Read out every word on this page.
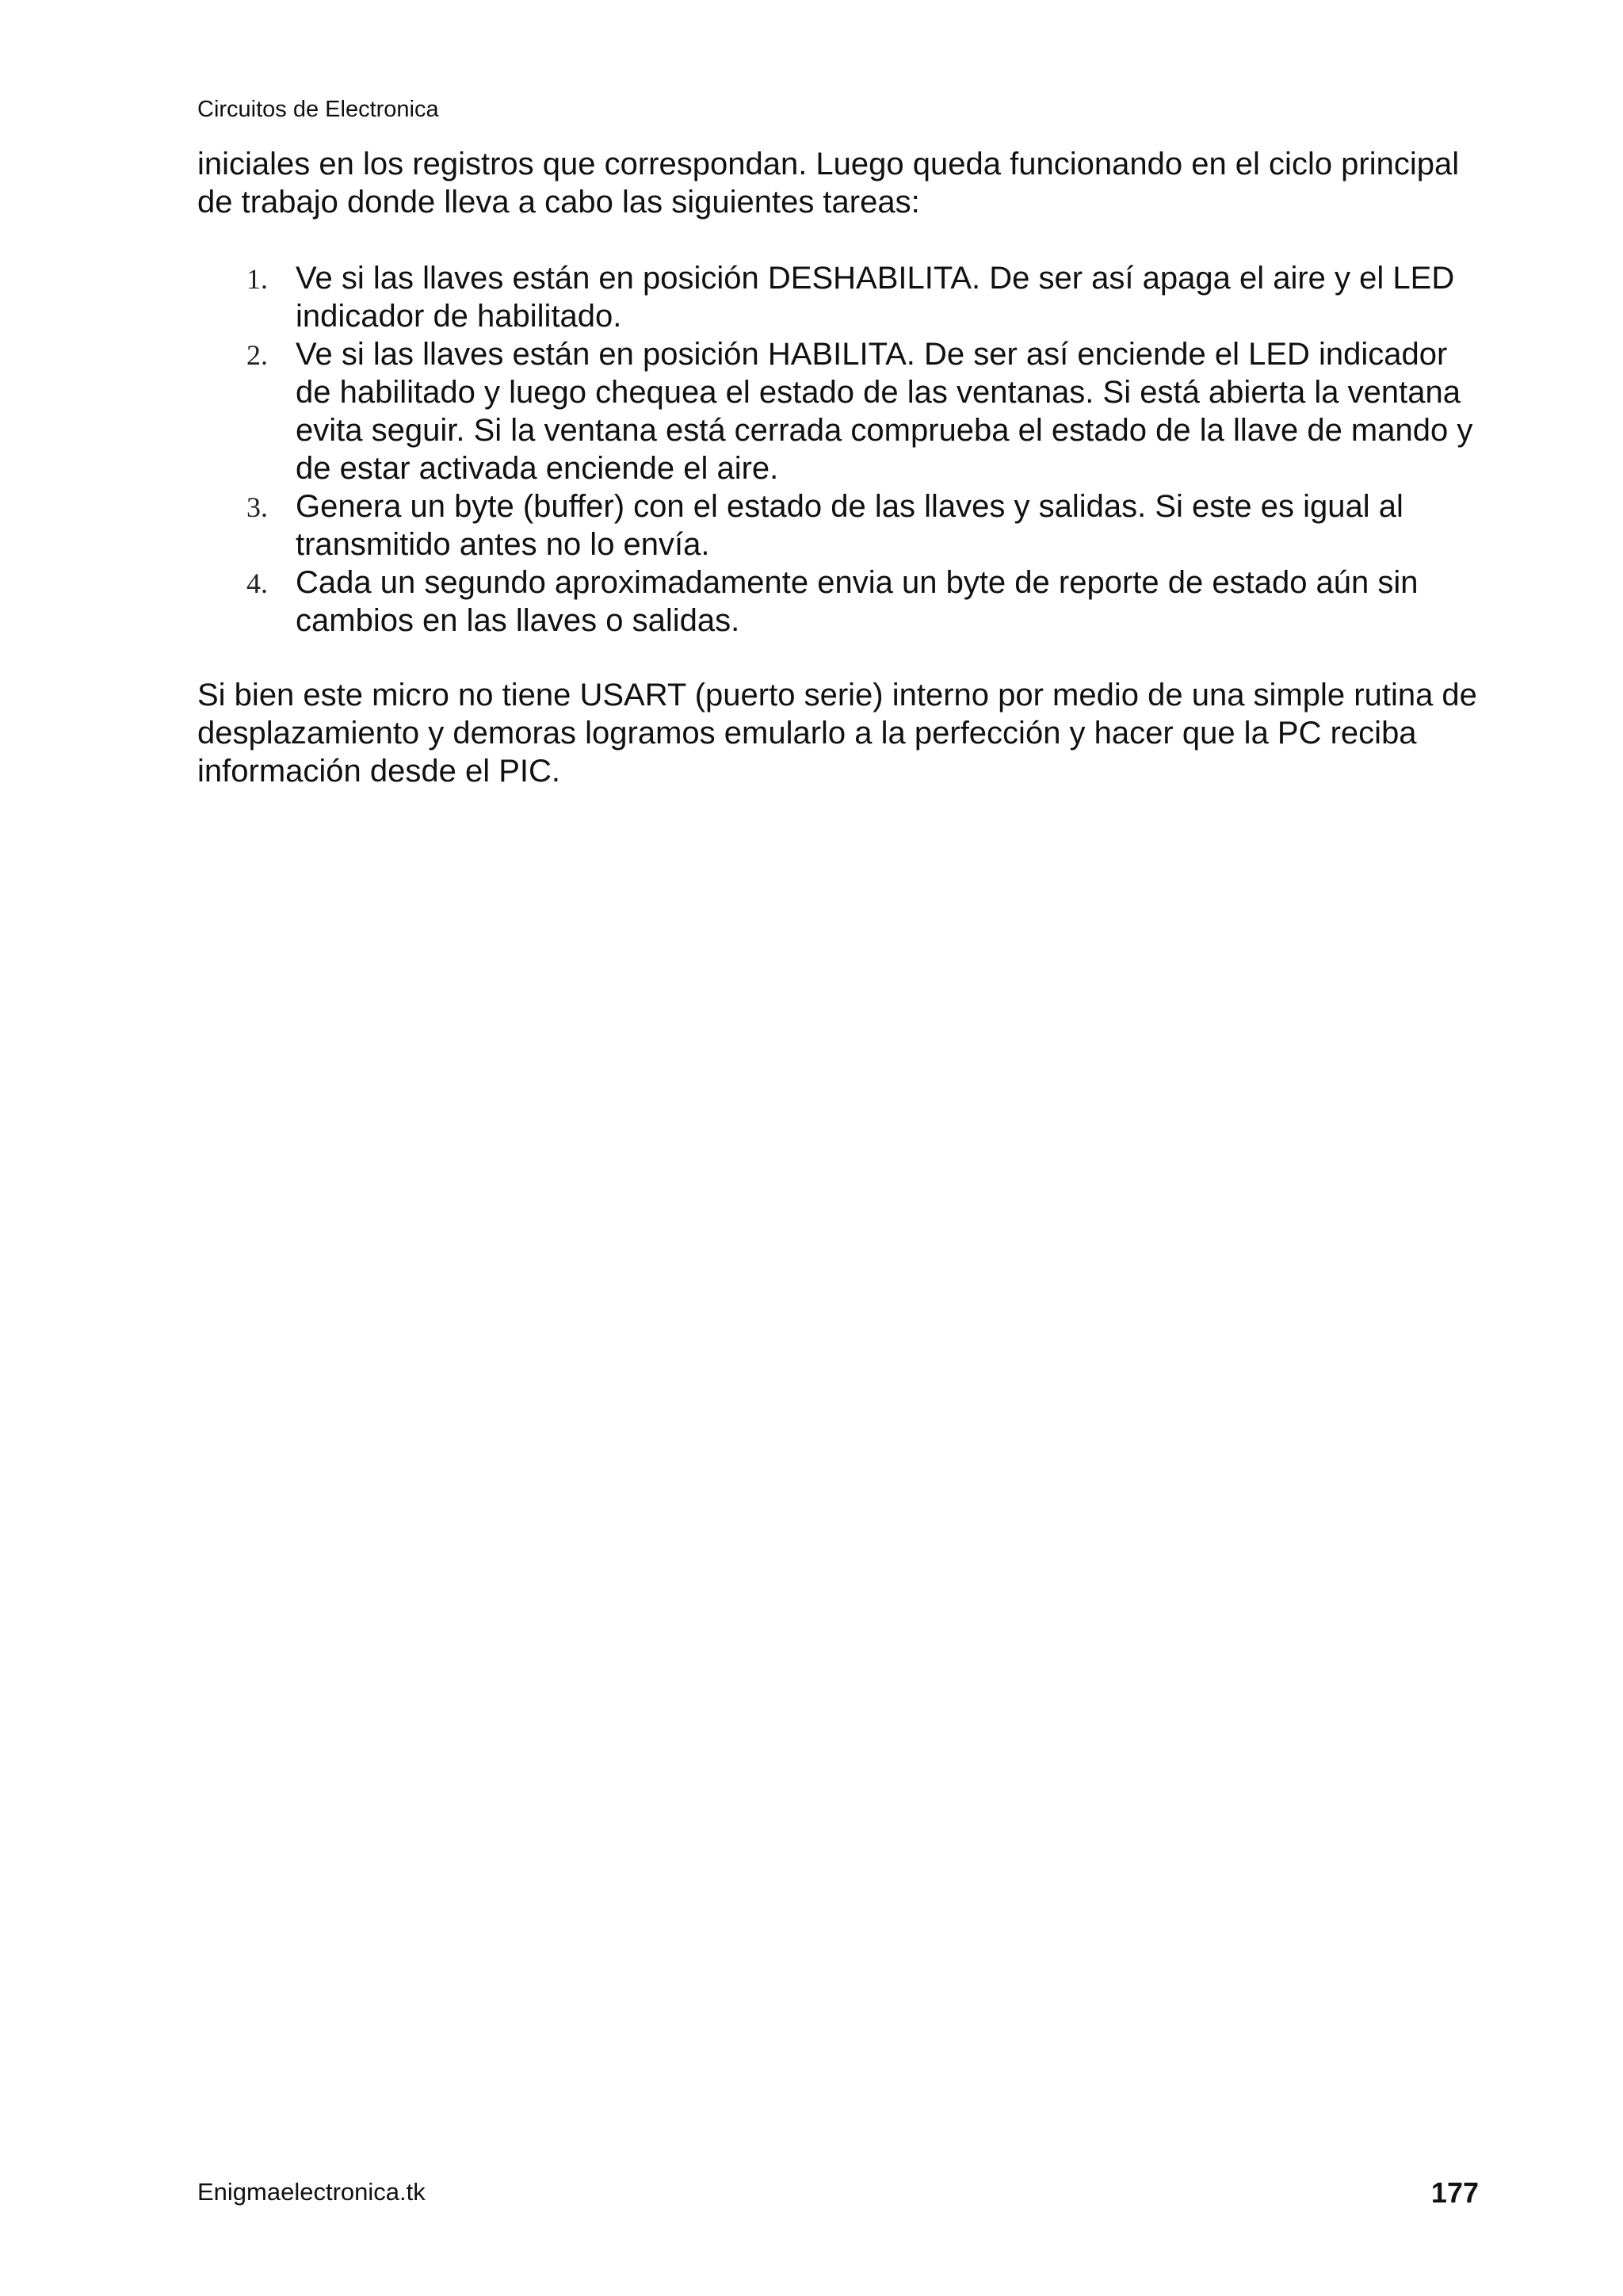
Circuitos de Electronica

iniciales en los registros que correspondan. Luego queda funcionando en el ciclo principal de trabajo donde lleva a cabo las siguientes tareas:

1. Ve si las llaves están en posición DESHABILITA. De ser así apaga el aire y el LED indicador de habilitado.
2. Ve si las llaves están en posición HABILITA. De ser así enciende el LED indicador de habilitado y luego chequea el estado de las ventanas. Si está abierta la ventana evita seguir. Si la ventana está cerrada comprueba el estado de la llave de mando y de estar activada enciende el aire.
3. Genera un byte (buffer) con el estado de las llaves y salidas. Si este es igual al transmitido antes no lo envía.
4. Cada un segundo aproximadamente envia un byte de reporte de estado aún sin cambios en las llaves o salidas.

Si bien este micro no tiene USART (puerto serie) interno por medio de una simple rutina de desplazamiento y demoras logramos emularlo a la perfección y hacer que la PC reciba información desde el PIC.

Enigmaelectronica.tk	177
